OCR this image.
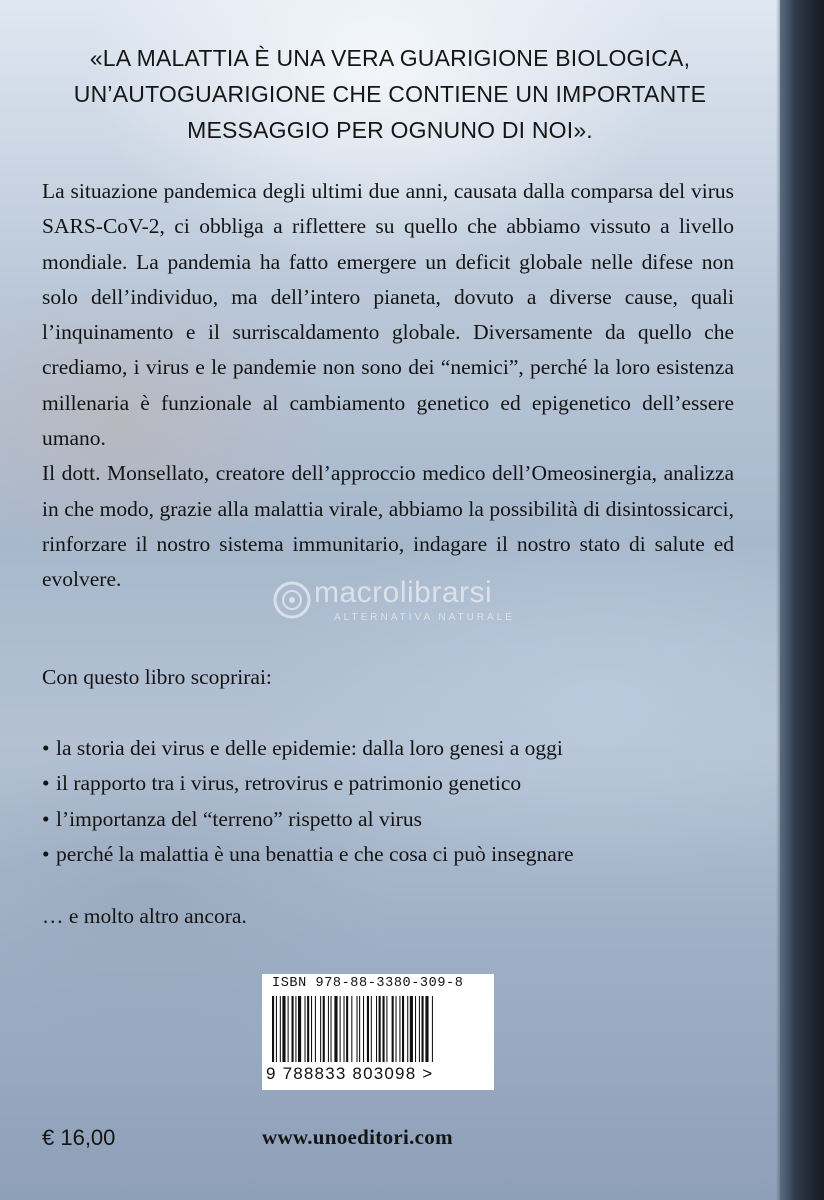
«LA MALATTIA È UNA VERA GUARIGIONE BIOLOGICA,
UN’AUTOGUARIGIONE CHE CONTIENE UN IMPORTANTE
MESSAGGIO PER OGNUNO DI NOI».

La situazione pandemica degli ultimi due anni, causata dalla comparsa del virus SARS-CoV-2, ci obbliga a riflettere su quello che abbiamo vissuto a livello mondiale. La pandemia ha fatto emergere un deficit globale nelle difese non solo dell’individuo, ma dell’intero pianeta, dovuto a diverse cause, quali l’inquinamento e il surriscaldamento globale. Diversamente da quello che crediamo, i virus e le pandemie non sono dei “nemici”, perché la loro esistenza millenaria è funzionale al cambiamento genetico ed epigenetico dell’essere umano.

Il dott. Monsellato, creatore dell’approccio medico dell’Omeosinergia, analizza in che modo, grazie alla malattia virale, abbiamo la possibilità di disintossicarci, rinforzare il nostro sistema immunitario, indagare il nostro stato di salute ed evolvere.	macrolibrarsi
ALTERNATIVA NATURALE
Con questo libro scoprirai:
• la storia dei virus e delle epidemie: dalla loro genesi a oggi
• il rapporto tra i virus, retrovirus e patrimonio genetico
• l’importanza del “terreno” rispetto al virus
• perché la malattia è una benattia e che cosa ci può insegnare
… e molto altro ancora.
ISBN 978-88-3380-309-8
9 788833 803098 >
€ 16,00	www.unoeditori.com
